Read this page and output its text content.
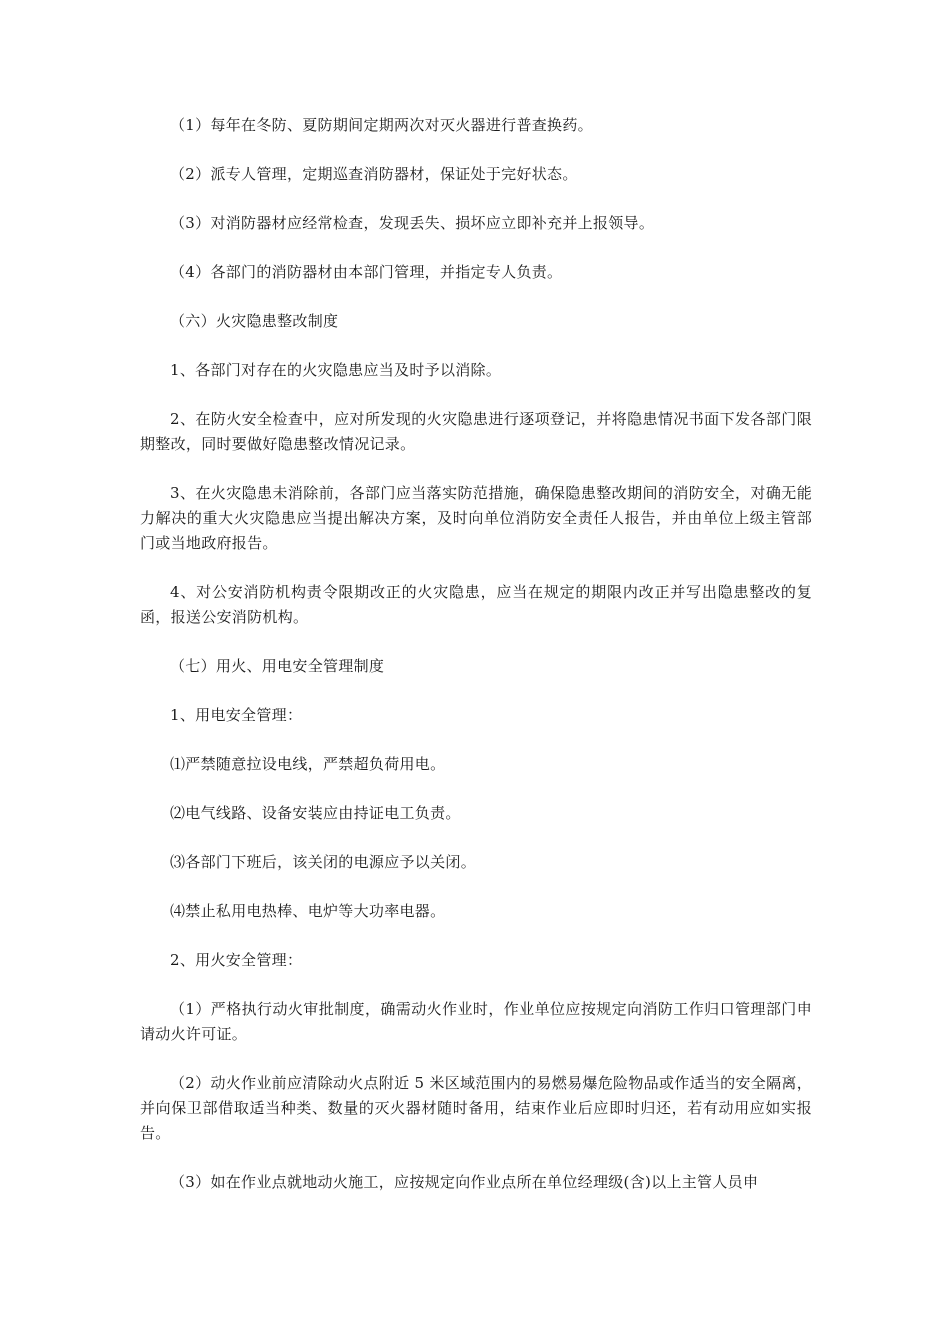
（1）每年在冬防、夏防期间定期两次对灭火器进行普查换药。

（2）派专人管理，定期巡查消防器材，保证处于完好状态。

（3）对消防器材应经常检查，发现丢失、损坏应立即补充并上报领导。

（4）各部门的消防器材由本部门管理，并指定专人负责。

（六）火灾隐患整改制度

1、各部门对存在的火灾隐患应当及时予以消除。

2、在防火安全检查中，应对所发现的火灾隐患进行逐项登记，并将隐患情况书面下发各部门限期整改，同时要做好隐患整改情况记录。

3、在火灾隐患未消除前，各部门应当落实防范措施，确保隐患整改期间的消防安全，对确无能力解决的重大火灾隐患应当提出解决方案，及时向单位消防安全责任人报告，并由单位上级主管部门或当地政府报告。

4、对公安消防机构责令限期改正的火灾隐患，应当在规定的期限内改正并写出隐患整改的复函，报送公安消防机构。

（七）用火、用电安全管理制度

1、用电安全管理：

⑴严禁随意拉设电线，严禁超负荷用电。

⑵电气线路、设备安装应由持证电工负责。

⑶各部门下班后，该关闭的电源应予以关闭。

⑷禁止私用电热棒、电炉等大功率电器。

2、用火安全管理：

（1）严格执行动火审批制度，确需动火作业时，作业单位应按规定向消防工作归口管理部门申请动火许可证。

（2）动火作业前应清除动火点附近 5 米区域范围内的易燃易爆危险物品或作适当的安全隔离，并向保卫部借取适当种类、数量的灭火器材随时备用，结束作业后应即时归还，若有动用应如实报告。

（3）如在作业点就地动火施工，应按规定向作业点所在单位经理级(含)以上主管人员申
